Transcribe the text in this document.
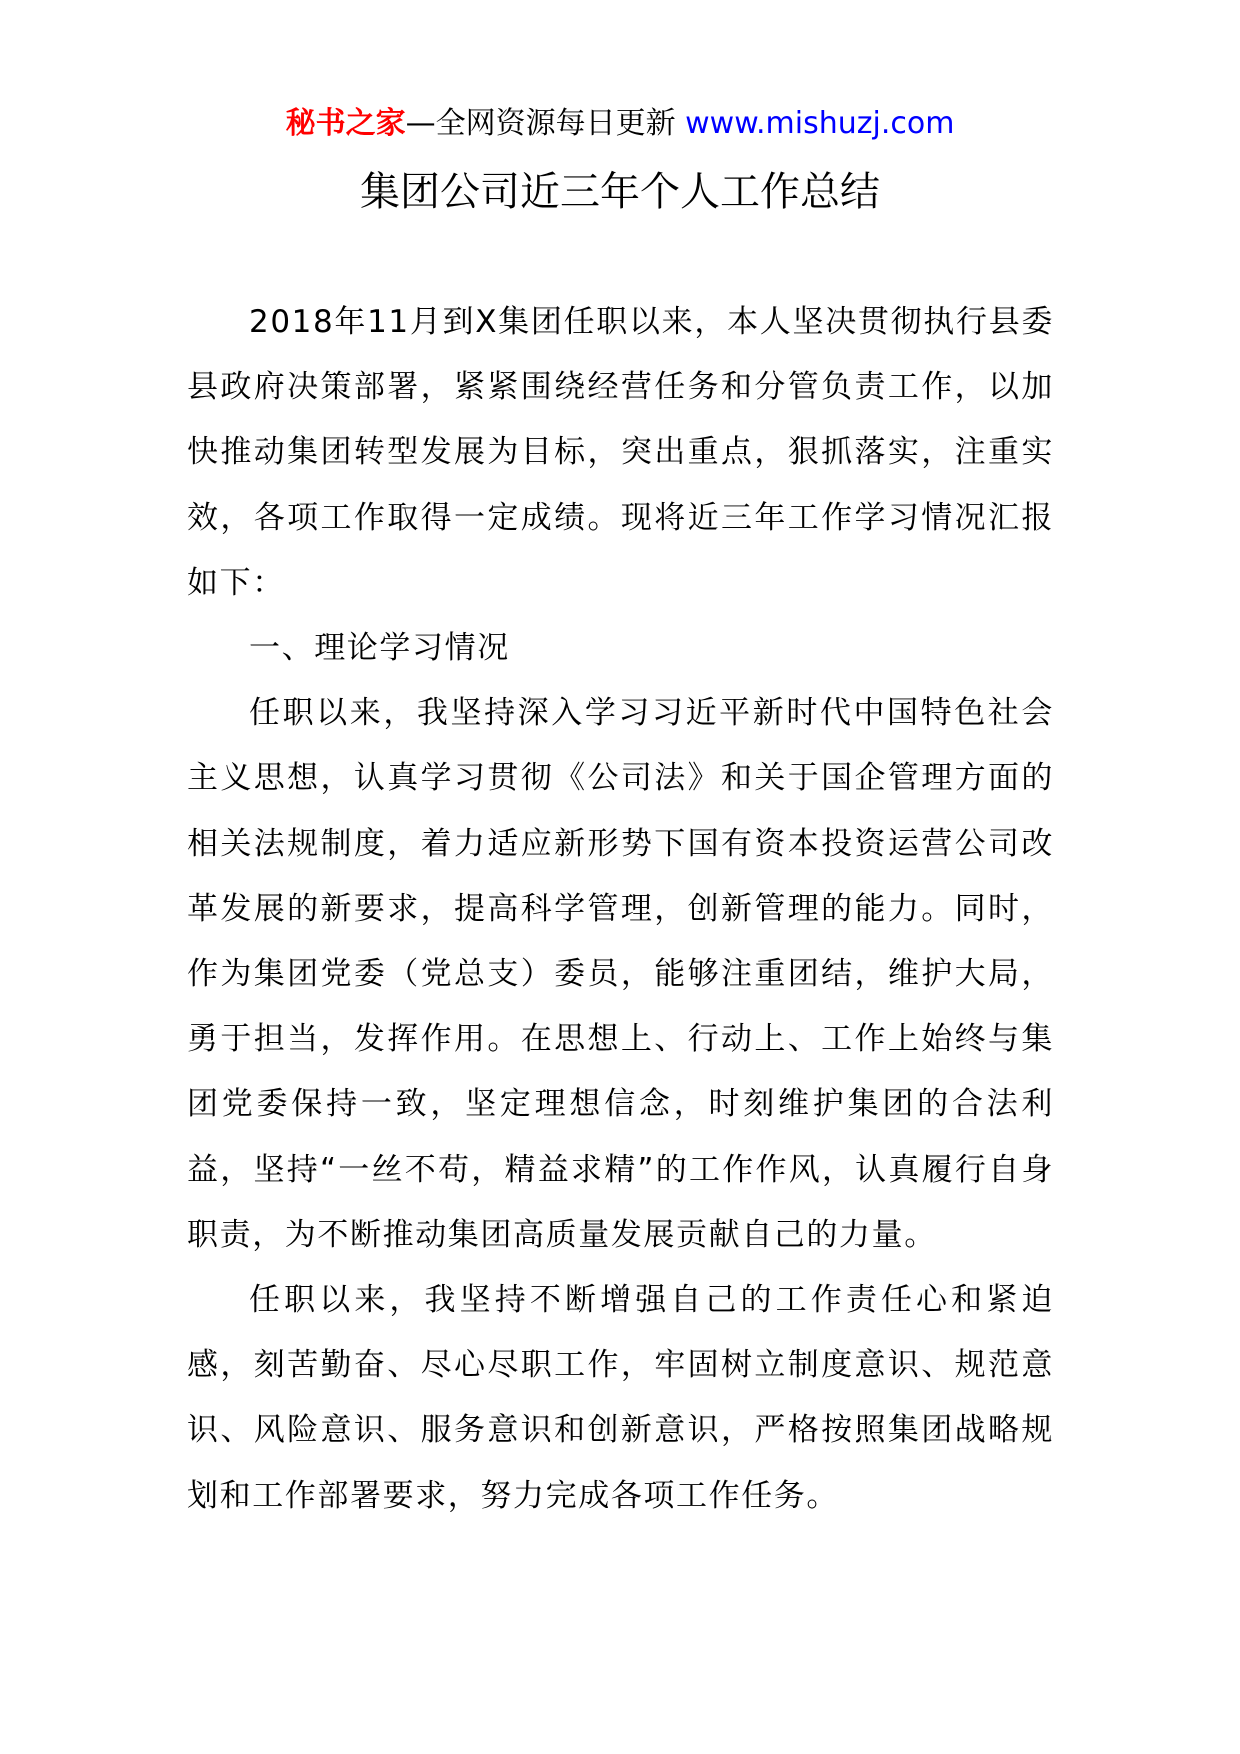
秘书之家—全网资源每日更新 www.mishuzj.com
集团公司近三年个人工作总结

2018年11月到X集团任职以来，本人坚决贯彻执行县委县政府决策部署，紧紧围绕经营任务和分管负责工作，以加快推动集团转型发展为目标，突出重点，狠抓落实，注重实效，各项工作取得一定成绩。现将近三年工作学习情况汇报如下：

一、理论学习情况

任职以来，我坚持深入学习习近平新时代中国特色社会主义思想，认真学习贯彻《公司法》和关于国企管理方面的相关法规制度，着力适应新形势下国有资本投资运营公司改革发展的新要求，提高科学管理，创新管理的能力。同时，作为集团党委（党总支）委员，能够注重团结，维护大局，勇于担当，发挥作用。在思想上、行动上、工作上始终与集团党委保持一致，坚定理想信念，时刻维护集团的合法利益，坚持“一丝不苟，精益求精”的工作作风，认真履行自身职责，为不断推动集团高质量发展贡献自己的力量。

任职以来，我坚持不断增强自己的工作责任心和紧迫感，刻苦勤奋、尽心尽职工作，牢固树立制度意识、规范意识、风险意识、服务意识和创新意识，严格按照集团战略规划和工作部署要求，努力完成各项工作任务。
